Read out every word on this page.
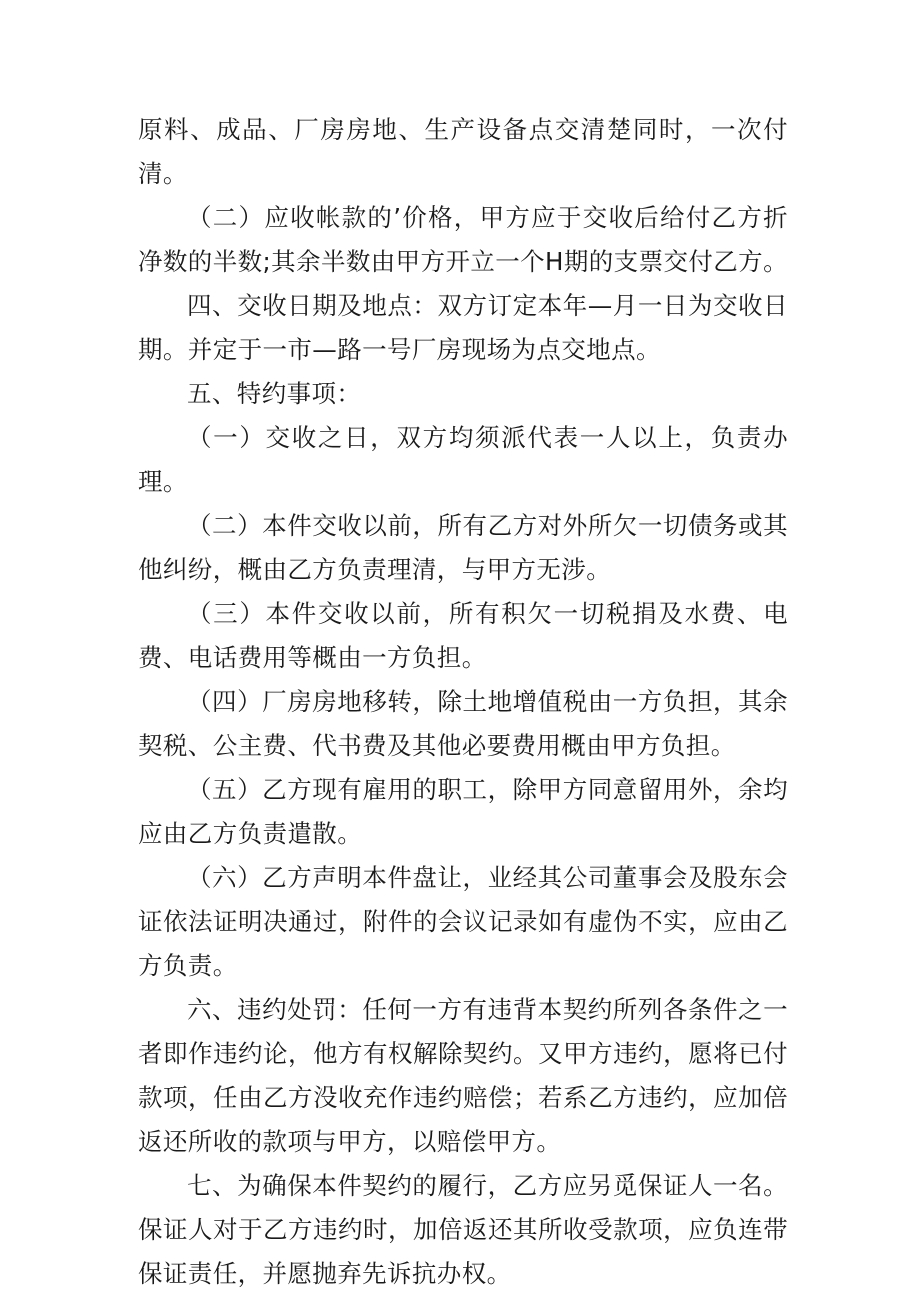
原料、成品、厂房房地、生产设备点交清楚同时，一次付清。

（二）应收帐款的’价格，甲方应于交收后给付乙方折净数的半数;其余半数由甲方开立一个H期的支票交付乙方。

四、交收日期及地点：双方订定本年—月一日为交收日期。并定于一市—路一号厂房现场为点交地点。

五、特约事项：

（一）交收之日，双方均须派代表一人以上，负责办理。

（二）本件交收以前，所有乙方对外所欠一切债务或其他纠纷，概由乙方负责理清，与甲方无涉。

（三）本件交收以前，所有积欠一切税捐及水费、电费、电话费用等概由一方负担。

（四）厂房房地移转，除土地增值税由一方负担，其余契税、公主费、代书费及其他必要费用概由甲方负担。

（五）乙方现有雇用的职工，除甲方同意留用外，余均应由乙方负责遣散。

（六）乙方声明本件盘让，业经其公司董事会及股东会证依法证明决通过，附件的会议记录如有虚伪不实，应由乙方负责。

六、违约处罚：任何一方有违背本契约所列各条件之一者即作违约论，他方有权解除契约。又甲方违约，愿将已付款项，任由乙方没收充作违约赔偿；若系乙方违约，应加倍返还所收的款项与甲方，以赔偿甲方。

七、为确保本件契约的履行，乙方应另觅保证人一名。保证人对于乙方违约时，加倍返还其所收受款项，应负连带保证责任，并愿抛弃先诉抗办权。
